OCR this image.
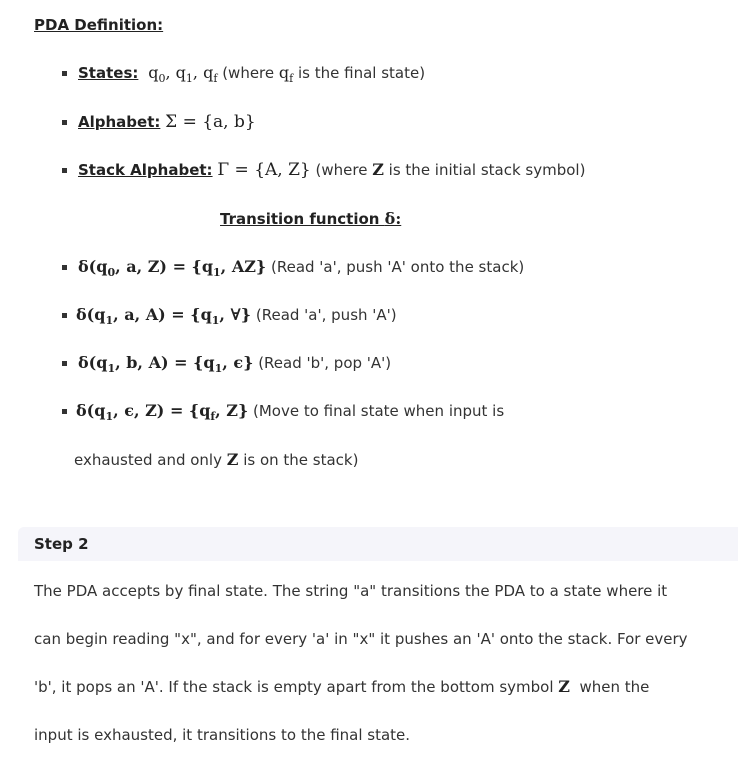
PDA Definition:
States: $q_0$, $q_1$, $q_f$ (where $q_f$ is the final state)
Alphabet: Σ = {a, b}
Stack Alphabet: Γ = {A, Z} (where Z is the initial stack symbol)
Transition function δ:
$\delta(q_0$, a, $Z) = \{q_1$, AZ} (Read 'a', push 'A' onto the stack)
$\delta(q_1$, a, $A) = \{q_1$, ∀} (Read 'a', push 'A')
$\delta(q_1$, b, $A) = \{q_1$, ϵ} (Read 'b', pop 'A')
$\delta(q_1$, ϵ, $Z) = \{q_f$, Z} (Move to final state when input is
exhausted and only Z is on the stack)
Step 2
The PDA accepts by final state. The string "a" transitions the PDA to a state where it
can begin reading "x", and for every 'a' in "x" it pushes an 'A' onto the stack. For every
'b', it pops an 'A'. If the stack is empty apart from the bottom symbol Z  when the
input is exhausted, it transitions to the final state.
